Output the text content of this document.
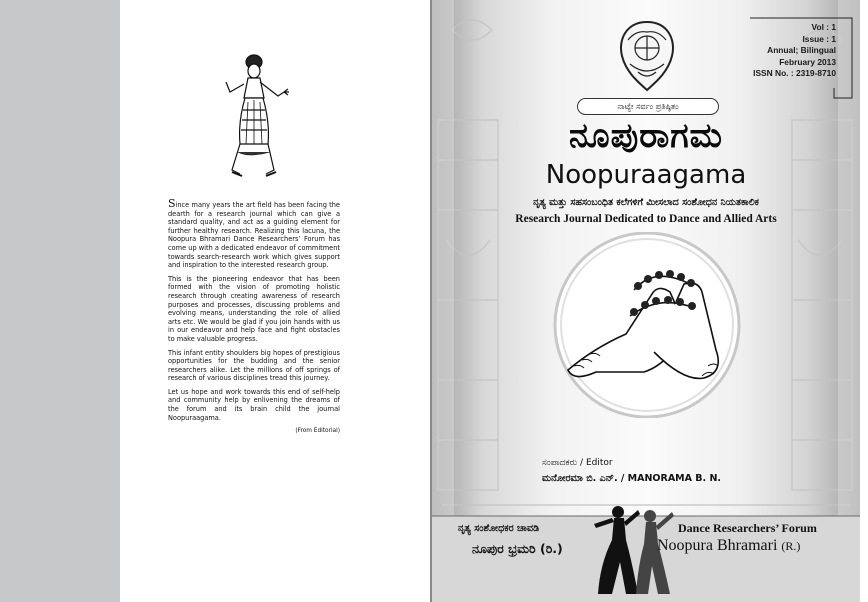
Since many years the art field has been facing the dearth for a research journal which can give a standard quality, and act as a guiding element for further healthy research. Realizing this lacuna, the Noopura Bhramari Dance Researchers’ Forum has come up with a dedicated endeavor of commitment towards search-research work which gives support and inspiration to the interested research group.

This is the pioneering endeavor that has been formed with the vision of promoting holistic research through creating awareness of research purposes and processes, discussing problems and evolving means, understanding the role of allied arts etc. We would be glad if you join hands with us in our endeavor and help face and fight obstacles to make valuable progress.

This infant entity shoulders big hopes of prestigious opportunities for the budding and the senior researchers alike. Let the millions of off springs of research of various disciplines tread this journey.

Let us hope and work towards this end of self-help and community help by enlivening the dreams of the forum and its brain child the journal Noopuraagama.

(From Editorial)
Vol : 1
Issue : 1
Annual; Bilingual
February 2013
ISSN No. : 2319-8710
ನಾಟ್ಯೇ ಸರ್ವಂ ಪ್ರತಿಷ್ಠಿತಂ
ನೂಪುರಾಗಮ
Noopuraagama
ನೃತ್ಯ ಮತ್ತು ಸಹಸಂಬಂಧಿತ ಕಲೆಗಳಿಗೆ ಮೀಸಲಾದ ಸಂಶೋಧನ ನಿಯತಕಾಲಿಕ
Research Journal Dedicated to Dance and Allied Arts
ಸಂಪಾದಕರು / Editor
ಮನೋರಮಾ ಬಿ. ಎನ್. / MANORAMA B. N.
ನೃತ್ಯ ಸಂಶೋಧಕರ ಚಾವಡಿ
ನೂಪುರ ಭ್ರಮರಿ (ರಿ.)
Dance Researchers’ Forum
Noopura Bhramari (R.)
